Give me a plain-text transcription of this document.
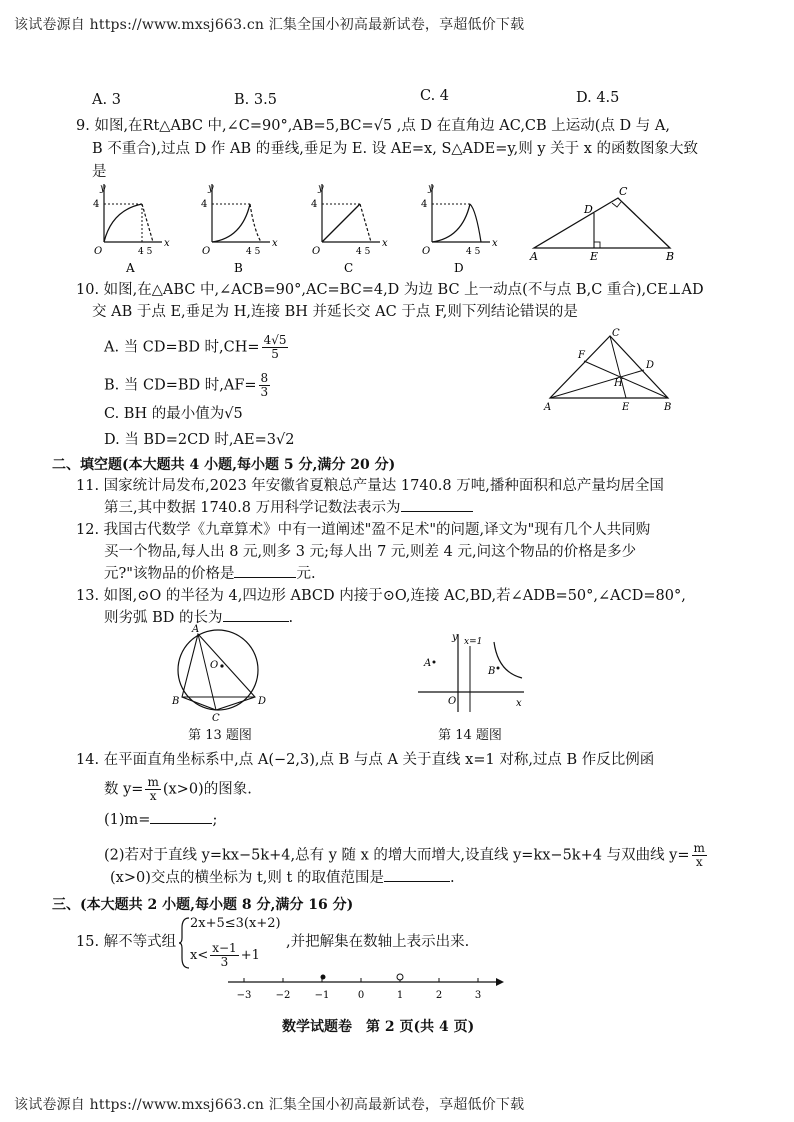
该试卷源自 https://www.mxsj663.cn 汇集全国小初高最新试卷，享超低价下载
A. 3	B. 3.5	C. 4	D. 4.5
9. 如图,在Rt△ABC 中,∠C=90°,AB=5,BC=√5 ,点 D 在直角边 AC,CB 上运动(点 D 与 A,
B 不重合),过点 D 作 AB 的垂线,垂足为 E. 设 AE=x, S△ADE=y,则 y 关于 x 的函数图象大致
是
y
x
4
O	4 5
A
y
x
4
O	4 5
B
y
x
4
O	4 5
C
y
x
4
O	4 5
D
C
D
A	E	B
10. 如图,在△ABC 中,∠ACB=90°,AC=BC=4,D 为边 BC 上一动点(不与点 B,C 重合),CE⊥AD
交 AB 于点 E,垂足为 H,连接 BH 并延长交 AC 于点 F,则下列结论错误的是
A. 当 CD=BD 时$,CH= \frac{4√5}{5}$
B. 当 CD=BD 时$,AF= \frac{8}{3}$
C. BH 的最小值为√5
D. 当 BD=2CD 时,AE=3√2
C
F
D
H
A	E	B
二、填空题(本大题共 4 小题,每小题 5 分,满分 20 分)
11. 国家统计局发布,2023 年安徽省夏粮总产量达 1740.8 万吨,播种面积和总产量均居全国
第三,其中数据 1740.8 万用科学记数法表示为
12. 我国古代数学《九章算术》中有一道阐述"盈不足术"的问题,译文为"现有几个人共同购
买一个物品,每人出 8 元,则多 3 元;每人出 7 元,则差 4 元,问这个物品的价格是多少
元?"该物品的价格是	元.
13. 如图,⊙O 的半径为 4,四边形 ABCD 内接于⊙O,连接 AC,BD,若∠ADB=50°,∠ACD=80°,
则劣弧 BD 的长为	.
A
O
B
C
D
第 13 题图
y x=1
A
B
O	x
第 14 题图
14. 在平面直角坐标系中,点 A(−2,3),点 B 与点 A 关于直线 x=1 对称,过点 B 作反比例函
数 $y= \frac{m}{x} (x>0)$的图象.
(1)m=	;
(2)若对于直线 y=kx−5k+4,总有 y 随 x 的增大而增大,设直线 y=kx−5k+4 与双曲线 $y= \frac{m}{x}$
(x>0)交点的横坐标为 t,则 t 的取值范围是	.
三、(本大题共 2 小题,每小题 8 分,满分 16 分)
15. 解不等式组
2x+5≤3(x+2)
$x< \frac{x-1}{3} +1$
,并把解集在数轴上表示出来.
−3 −2 −1	0	1	2	3
数学试题卷　第 2 页(共 4 页)
该试卷源自 https://www.mxsj663.cn 汇集全国小初高最新试卷，享超低价下载
